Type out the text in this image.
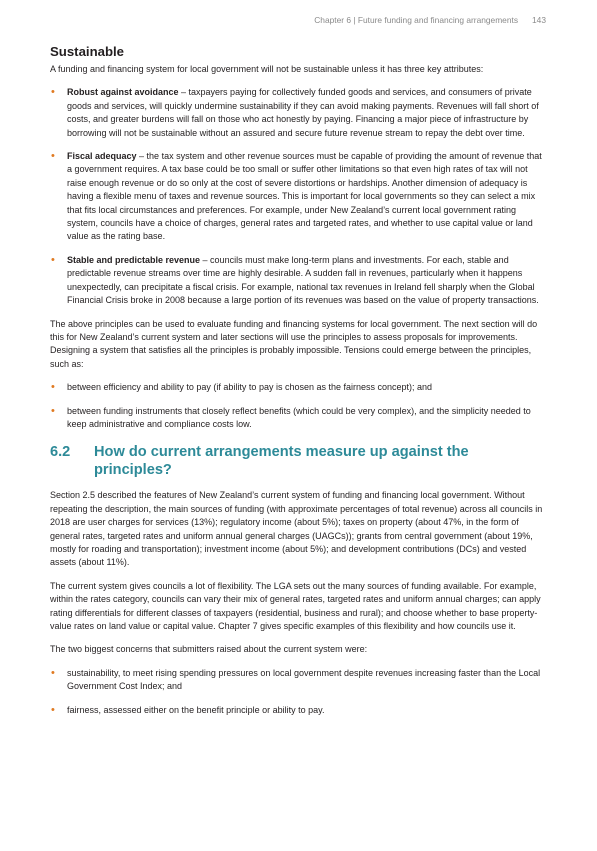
Chapter 6 | Future funding and financing arrangements 143
Sustainable

A funding and financing system for local government will not be sustainable unless it has three key attributes:

• Robust against avoidance – taxpayers paying for collectively funded goods and services, and consumers of private goods and services, will quickly undermine sustainability if they can avoid making payments. Revenues will fall short of costs, and greater burdens will fall on those who act honestly by paying. Financing a major piece of infrastructure by borrowing will not be sustainable without an assured and secure future revenue stream to repay the debt over time.
• Fiscal adequacy – the tax system and other revenue sources must be capable of providing the amount of revenue that a government requires. A tax base could be too small or suffer other limitations so that even high rates of tax will not raise enough revenue or do so only at the cost of severe distortions or hardships. Another dimension of adequacy is having a flexible menu of taxes and revenue sources. This is important for local governments so they can select a mix that fits local circumstances and preferences. For example, under New Zealand’s current local government rating system, councils have a choice of charges, general rates and targeted rates, and whether to use capital value or land value as the rating base.
• Stable and predictable revenue – councils must make long-term plans and investments. For each, stable and predictable revenue streams over time are highly desirable. A sudden fall in revenues, particularly when it happens unexpectedly, can precipitate a fiscal crisis. For example, national tax revenues in Ireland fell sharply when the Global Financial Crisis broke in 2008 because a large portion of its revenues was based on the value of property transactions.

The above principles can be used to evaluate funding and financing systems for local government. The next section will do this for New Zealand’s current system and later sections will use the principles to assess proposals for improvements. Designing a system that satisfies all the principles is probably impossible. Tensions could emerge between the principles, such as:

• between efficiency and ability to pay (if ability to pay is chosen as the fairness concept); and
• between funding instruments that closely reflect benefits (which could be very complex), and the simplicity needed to keep administrative and compliance costs low.
6.2	How do current arrangements measure up against the principles?

Section 2.5 described the features of New Zealand’s current system of funding and financing local government. Without repeating the description, the main sources of funding (with approximate percentages of total revenue) across all councils in 2018 are user charges for services (13%); regulatory income (about 5%); taxes on property (about 47%, in the form of general rates, targeted rates and uniform annual general charges (UAGCs)); grants from central government (about 19%, mostly for roading and transportation); investment income (about 5%); and development contributions (DCs) and vested assets (about 11%).

The current system gives councils a lot of flexibility. The LGA sets out the many sources of funding available. For example, within the rates category, councils can vary their mix of general rates, targeted rates and uniform annual charges; can apply rating differentials for different classes of taxpayers (residential, business and rural); and choose whether to base property-value rates on land value or capital value. Chapter 7 gives specific examples of this flexibility and how councils use it.

The two biggest concerns that submitters raised about the current system were:

• sustainability, to meet rising spending pressures on local government despite revenues increasing faster than the Local Government Cost Index; and
• fairness, assessed either on the benefit principle or ability to pay.
